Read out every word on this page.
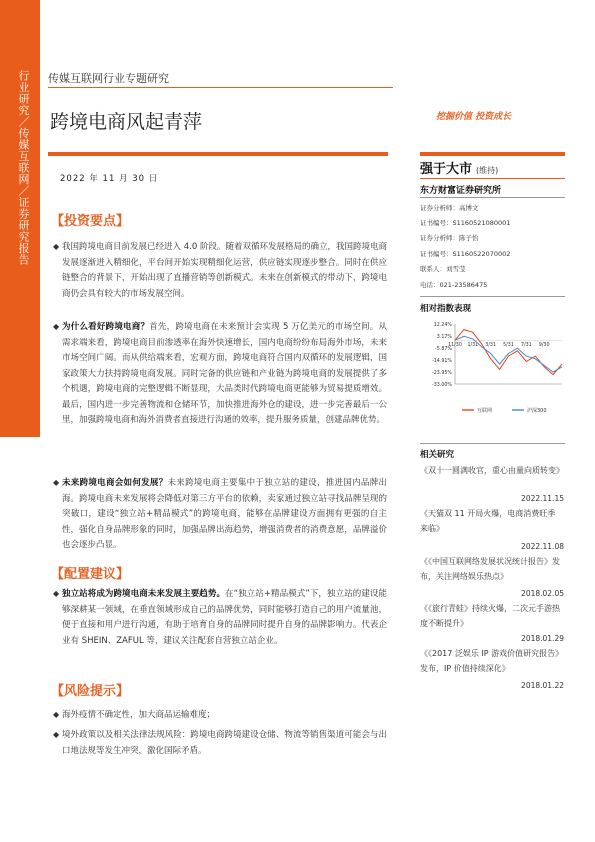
行业研究／传媒互联网／证券研究报告 传媒互联网行业专题研究
跨境电商风起青萍	挖掘价值 投资成长
2022 年 11 月 30 日
【投资要点】
◆ 我国跨境电商目前发展已经进入 4.0 阶段。随着双循环发展格局的确立，我国跨境电商发展逐渐进入精细化，平台间开始实现精细化运营，供应链实现逐步整合。同时在供应链整合的背景下，开始出现了直播营销等创新模式。未来在创新模式的带动下，跨境电商仍会具有较大的市场发展空间。
◆ 为什么看好跨境电商？首先，跨境电商在未来预计会实现 5 万亿美元的市场空间。从需求端来看，跨境电商目前渗透率在海外快速增长，国内电商纷纷布局海外市场，未来市场空间广阔。而从供给端来看，宏观方面，跨境电商符合国内双循环的发展逻辑，国家政策大力扶持跨境电商发展。同时完备的供应链和产业链为跨境电商的发展提供了多个机遇，跨境电商的完整逻辑不断显现，大品类时代跨境电商更能够为贸易提质增效。最后，国内进一步完善物流和仓储环节，加快推进海外仓的建设，进一步完善最后一公里，加强跨境电商和海外消费者直接进行沟通的效率，提升服务质量，创建品牌优势。
◆ 未来跨境电商会如何发展？未来跨境电商主要集中于独立站的建设，推进国内品牌出海。跨境电商未来发展将会降低对第三方平台的依赖，卖家通过独立站寻找品牌呈现的突破口，建设“独立站+精品模式”的跨境电商，能够在品牌建设方面拥有更强的自主性，强化自身品牌形象的同时，加强品牌出海趋势，增强消费者的消费意愿，品牌溢价也会逐步凸显。
【配置建议】
◆ 独立站将成为跨境电商未来发展主要趋势。在“独立站+精品模式”下，独立站的建设能够深耕某一领域，在垂直领域形成自己的品牌优势，同时能够打造自己的用户流量池，便于直接和用户进行沟通，有助于培育自身的品牌同时提升自身的品牌影响力。代表企业有 SHEIN、ZAFUL 等，建议关注配套自营独立站企业。
【风险提示】
◆ 海外疫情不确定性，加大商品运输难度；
◆ 境外政策以及相关法律法规风险：跨境电商跨境建设仓储、物流等销售渠道可能会与出口地法规等发生冲突，激化国际矛盾。
强于大市 (维持)
东方财富证券研究所
证券分析师：高博文
证书编号：S1160521080001
证券分析师：陈子怡
证书编号：S1160522070002
联系人：刘雪莹
电话：021-23586475
相对指数表现
12.24%
3.17%
-5.87%
-14.91%
-23.95%
-33.00%
1/31 3/31 5/31 7/31 9/30
11/30
互联网	沪深300
相关研究
《双十一圆满收官，重心由量向质转变》
2022.11.15
《天猫双 11 开局火爆，电商消费旺季来临》
2022.11.08
《《中国互联网络发展状况统计报告》发布，关注网络娱乐热点》
2018.02.05
《《旅行青蛙》持续火爆，二次元手游热度不断提升》
2018.01.29
《《2017 泛娱乐 IP 游戏价值研究报告》发布，IP 价值持续深化》
2018.01.22
